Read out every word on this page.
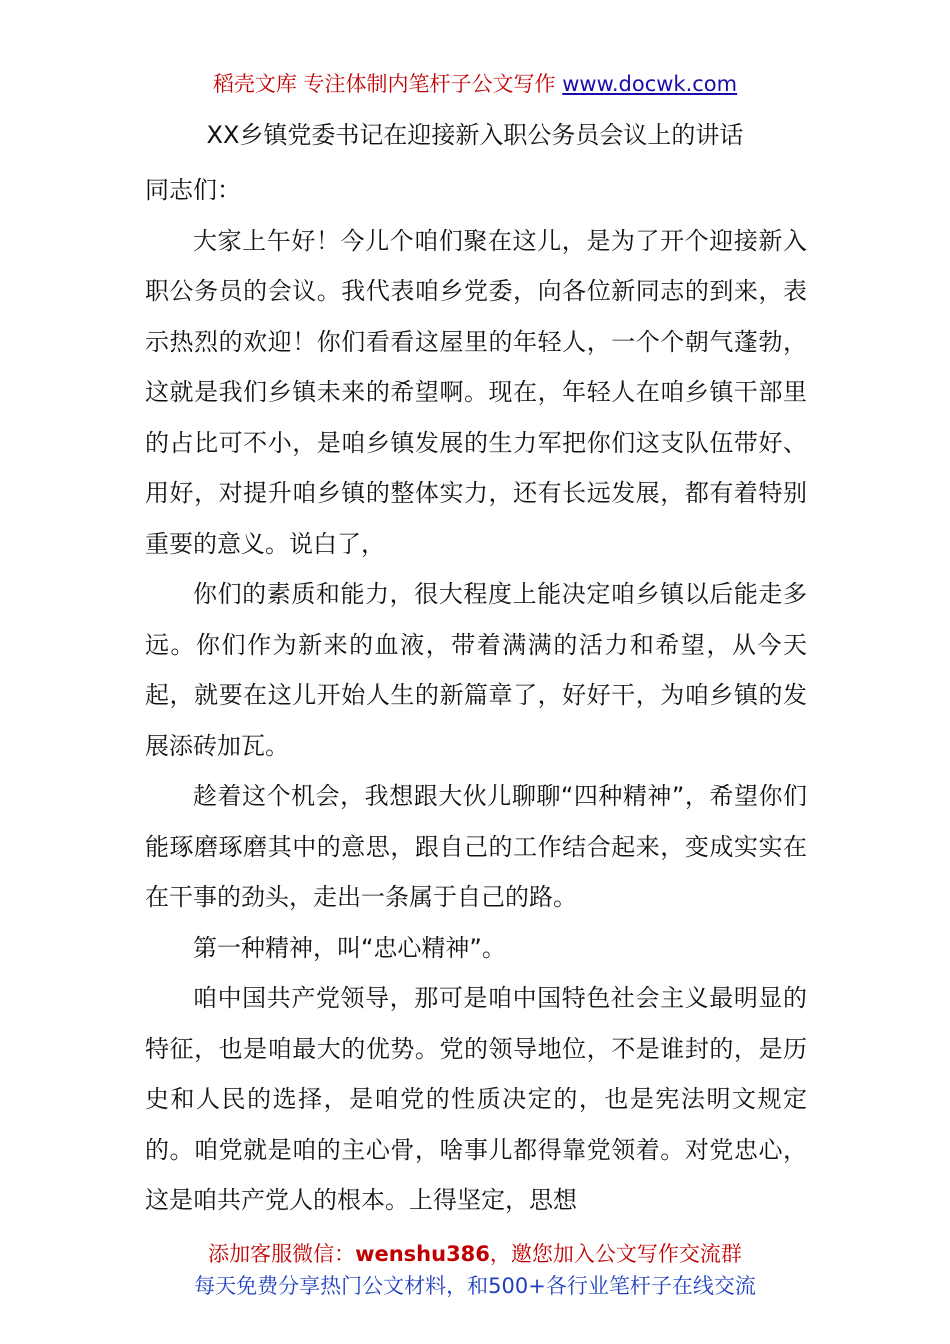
稻壳文库 专注体制内笔杆子公文写作 www.docwk.com
XX乡镇党委书记在迎接新入职公务员会议上的讲话

同志们：

大家上午好！今儿个咱们聚在这儿，是为了开个迎接新入职公务员的会议。我代表咱乡党委，向各位新同志的到来，表示热烈的欢迎！你们看看这屋里的年轻人，一个个朝气蓬勃，这就是我们乡镇未来的希望啊。现在，年轻人在咱乡镇干部里的占比可不小，是咱乡镇发展的生力军把你们这支队伍带好、用好，对提升咱乡镇的整体实力，还有长远发展，都有着特别重要的意义。说白了，

你们的素质和能力，很大程度上能决定咱乡镇以后能走多远。你们作为新来的血液，带着满满的活力和希望，从今天起，就要在这儿开始人生的新篇章了，好好干，为咱乡镇的发展添砖加瓦。

趁着这个机会，我想跟大伙儿聊聊“四种精神”，希望你们能琢磨琢磨其中的意思，跟自己的工作结合起来，变成实实在在干事的劲头，走出一条属于自己的路。

第一种精神，叫“忠心精神”。

咱中国共产党领导，那可是咱中国特色社会主义最明显的特征，也是咱最大的优势。党的领导地位，不是谁封的，是历史和人民的选择，是咱党的性质决定的，也是宪法明文规定的。咱党就是咱的主心骨，啥事儿都得靠党领着。对党忠心，这是咱共产党人的根本。上得坚定，思想

添加客服微信：wenshu386，邀您加入公文写作交流群
每天免费分享热门公文材料，和500+各行业笔杆子在线交流
